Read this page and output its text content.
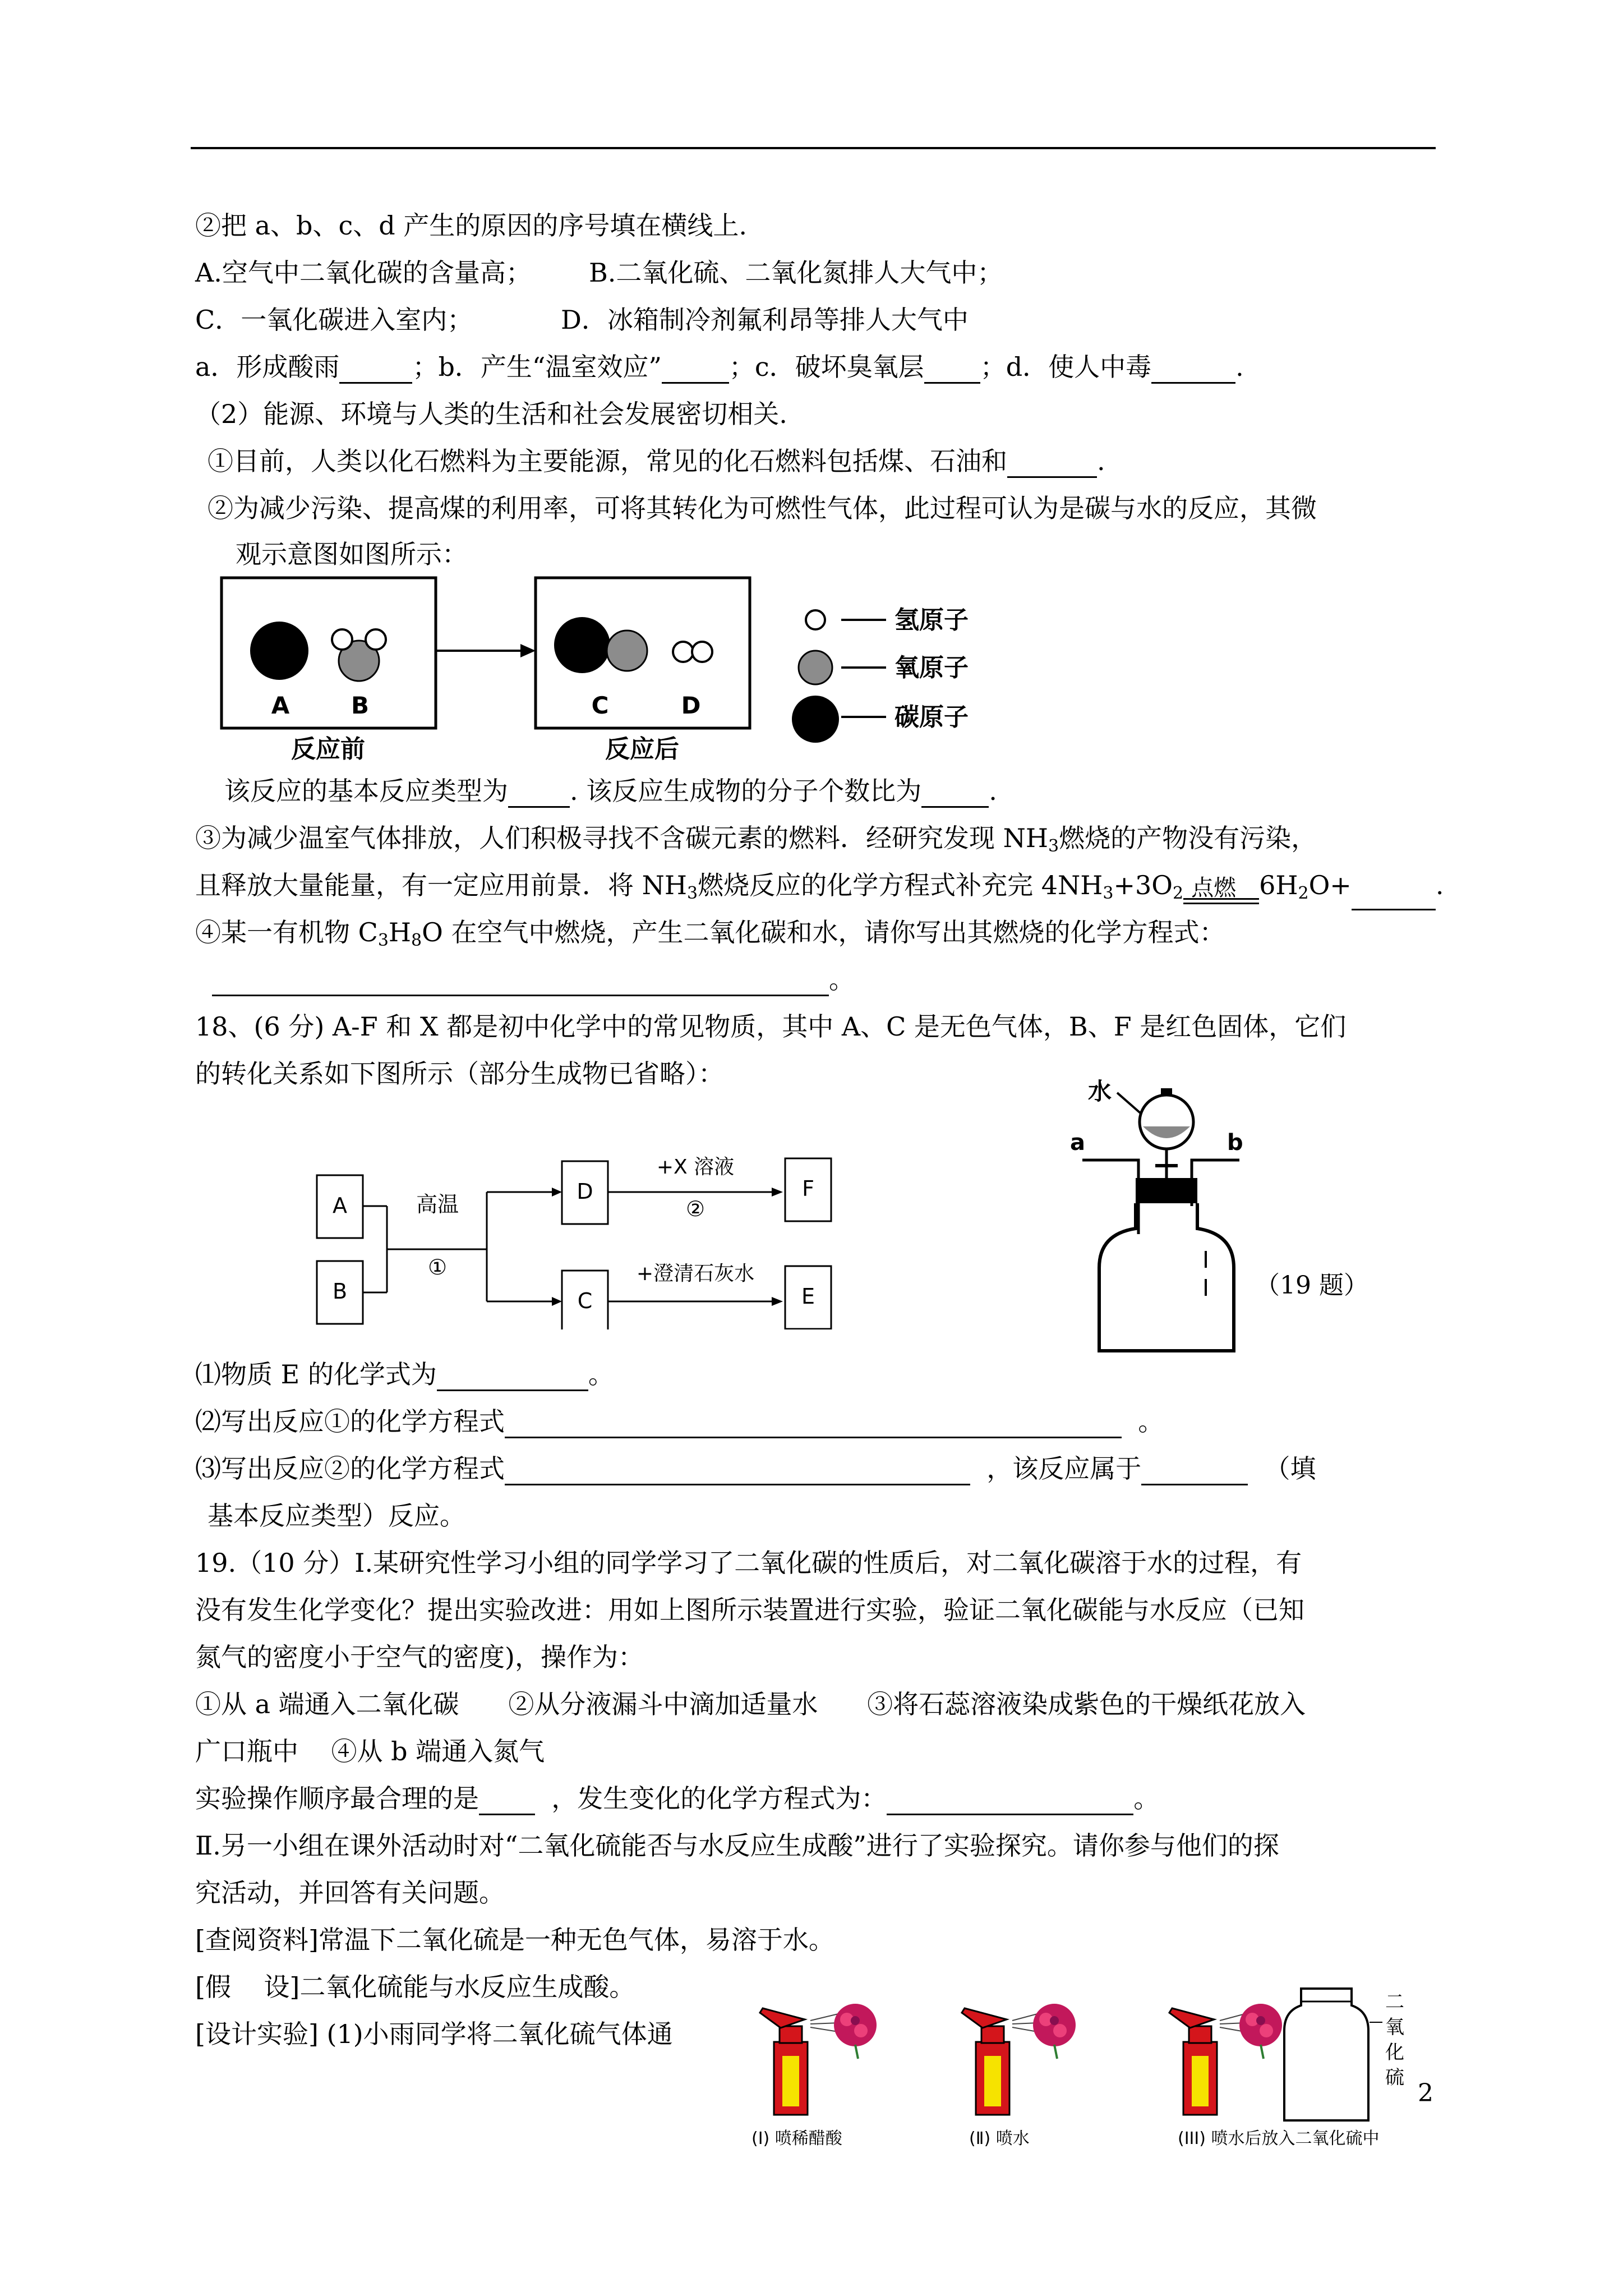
②把 a、b、c、d 产生的原因的序号填在横线上.
A.空气中二氧化碳的含量高； B.二氧化硫、二氧化氮排人大气中；
C．一氧化碳进入室内；	D．冰箱制冷剂氟利昂等排人大气中
a．形成酸雨	；b．产生“温室效应”	；c．破坏臭氧层 ；d．使人中毒	.
（2）能源、环境与人类的生活和社会发展密切相关.
①目前，人类以化石燃料为主要能源，常见的化石燃料包括煤、石油和	.
②为减少污染、提高煤的利用率，可将其转化为可燃性气体，此过程可认为是碳与水的反应，其微
观示意图如图所示：
A	B	C	D
反应前	反应后
氢原子
氧原子
碳原子
该反应的基本反应类型为 . 该反应生成物的分子个数比为	.
③为减少温室气体排放，人们积极寻找不含碳元素的燃料．经研究发现 $NH_3$燃烧的产物没有污染，
且释放大量能量，有一定应用前景．将 $NH_3$燃烧反应的化学方程式补充完 $4NH_3+3O_2$ 点燃 $6H_2O+$	.
④某一有机物 $C_3H_8O$ 在空气中燃烧，产生二氧化碳和水，请你写出其燃烧的化学方程式：
。
18、(6 分) A-F 和 X 都是初中化学中的常见物质，其中 A、C 是无色气体，B、F 是红色固体，它们
的转化关系如下图所示（部分生成物已省略）：
A
B
高温
①
D
C
+X 溶液
②
+澄清石灰水
F
E
水
a	b
（19 题）
⑴物质 E 的化学式为	。
⑵写出反应①的化学方程式	。
⑶写出反应②的化学方程式	，该反应属于	（填
基本反应类型）反应。
19.（10 分）Ⅰ.某研究性学习小组的同学学习了二氧化碳的性质后，对二氧化碳溶于水的过程，有
没有发生化学变化？提出实验改进：用如上图所示装置进行实验，验证二氧化碳能与水反应（已知
氮气的密度小于空气的密度)，操作为：
①从 a 端通入二氧化碳 ②从分液漏斗中滴加适量水 ③将石蕊溶液染成紫色的干燥纸花放入
广口瓶中    ④从 b 端通入氮气
实验操作顺序最合理的是	，发生变化的化学方程式为：	。
Ⅱ.另一小组在课外活动时对“二氧化硫能否与水反应生成酸”进行了实验探究。请你参与他们的探
究活动，并回答有关问题。
[查阅资料]常温下二氧化硫是一种无色气体，易溶于水。
[假    设]二氧化硫能与水反应生成酸。
[设计实验] (1)小雨同学将二氧化硫气体通
二
氧
化
硫
(I) 喷稀醋酸	(Ⅱ) 喷水	(III) 喷水后放入二氧化硫中
2
